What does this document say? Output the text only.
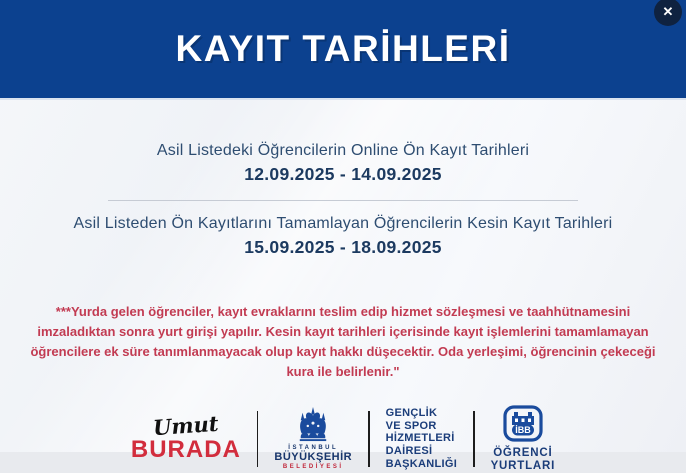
KAYIT TARİHLERİ
✕
Asil Listedeki Öğrencilerin Online Ön Kayıt Tarihleri
12.09.2025 - 14.09.2025
Asil Listeden Ön Kayıtlarını Tamamlayan Öğrencilerin Kesin Kayıt Tarihleri
15.09.2025 - 18.09.2025

***Yurda gelen öğrenciler, kayıt evraklarını teslim edip hizmet sözleşmesi ve taahhütnamesini imzaladıktan sonra yurt girişi yapılır. Kesin kayıt tarihleri içerisinde kayıt işlemlerini tamamlamayan öğrencilere ek süre tanımlanmayacak olup kayıt hakkı düşecektir. Oda yerleşimi, öğrencinin çekeceği kura ile belirlenir."

Umut
BURADA	İSTANBUL
BÜYÜKŞEHİR
BELEDİYESİ
GENÇLİK
VE SPOR
HİZMETLERİ
DAİRESİ
BAŞKANLIĞI
İBB
ÖĞRENCİ
YURTLARI
